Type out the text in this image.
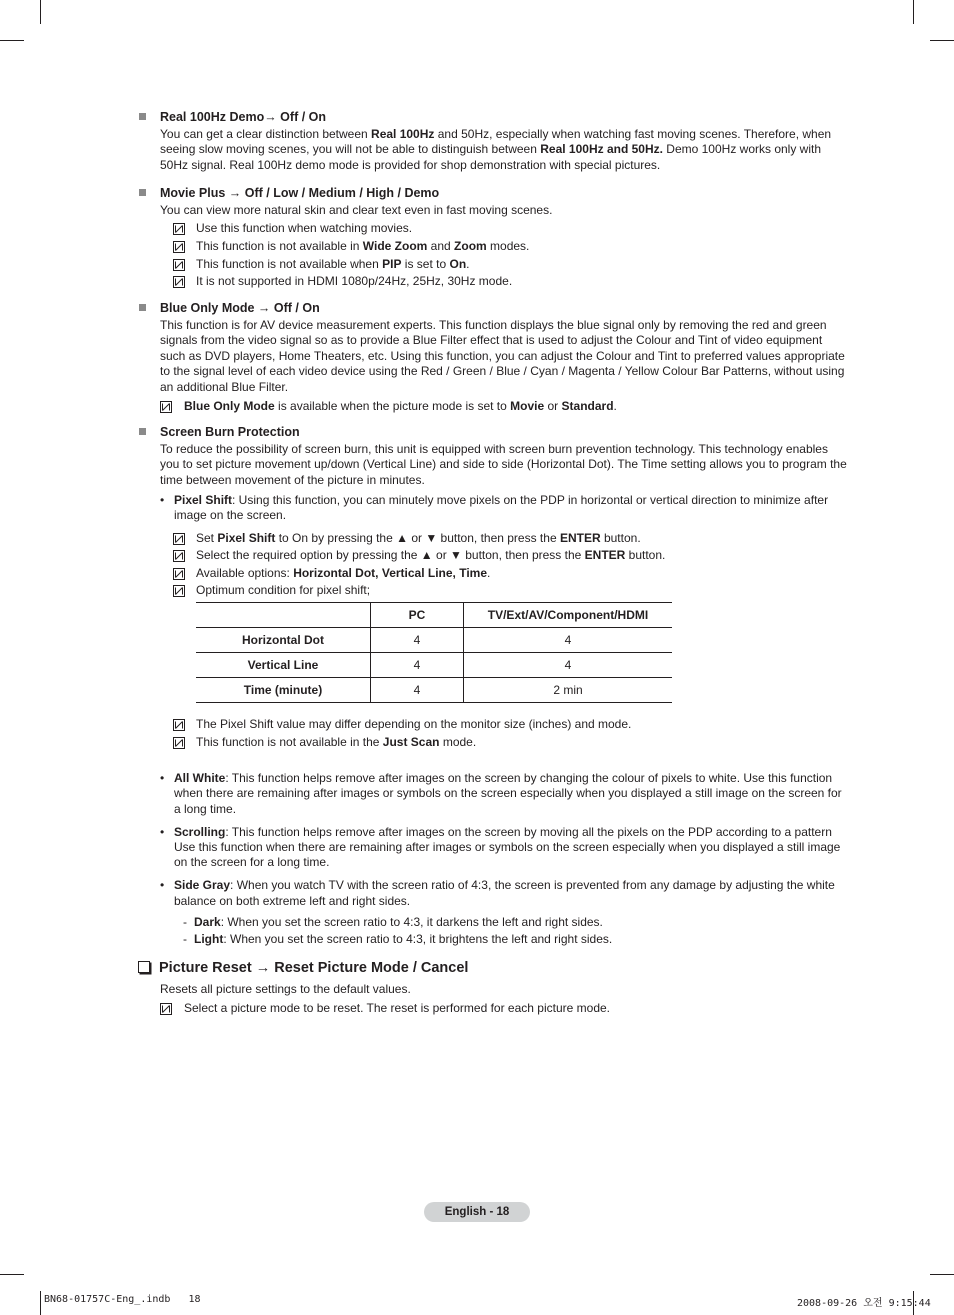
Real 100Hz Demo→ Off / On
You can get a clear distinction between Real 100Hz and 50Hz, especially when watching fast moving scenes. Therefore, when seeing slow moving scenes, you will not be able to distinguish between Real 100Hz and 50Hz. Demo 100Hz works only with 50Hz signal. Real 100Hz demo mode is provided for shop demonstration with special pictures.
Movie Plus → Off / Low / Medium / High / Demo
You can view more natural skin and clear text even in fast moving scenes.
Use this function when watching movies.
This function is not available in Wide Zoom and Zoom modes.
This function is not available when PIP is set to On.
It is not supported in HDMI 1080p/24Hz, 25Hz, 30Hz mode.
Blue Only Mode → Off / On
This function is for AV device measurement experts. This function displays the blue signal only by removing the red and green signals from the video signal so as to provide a Blue Filter effect that is used to adjust the Colour and Tint of video equipment such as DVD players, Home Theaters, etc. Using this function, you can adjust the Colour and Tint to preferred values appropriate to the signal level of each video device using the Red / Green / Blue / Cyan / Magenta / Yellow Colour Bar Patterns, without using an additional Blue Filter.
Blue Only Mode is available when the picture mode is set to Movie or Standard.
Screen Burn Protection
To reduce the possibility of screen burn, this unit is equipped with screen burn prevention technology. This technology enables you to set picture movement up/down (Vertical Line) and side to side (Horizontal Dot). The Time setting allows you to program the time between movement of the picture in minutes.
• Pixel Shift: Using this function, you can minutely move pixels on the PDP in horizontal or vertical direction to minimize after image on the screen.
Set Pixel Shift to On by pressing the ▲ or ▼ button, then press the ENTER button.
Select the required option by pressing the ▲ or ▼ button, then press the ENTER button.
Available options: Horizontal Dot, Vertical Line, Time.
Optimum condition for pixel shift;
	PC	TV/Ext/AV/Component/HDMI
Horizontal Dot	4	4
Vertical Line	4	4
Time (minute)	4	2 min
The Pixel Shift value may differ depending on the monitor size (inches) and mode.
This function is not available in the Just Scan mode.
• All White: This function helps remove after images on the screen by changing the colour of pixels to white. Use this function when there are remaining after images or symbols on the screen especially when you displayed a still image on the screen for a long time.
• Scrolling: This function helps remove after images on the screen by moving all the pixels on the PDP according to a pattern Use this function when there are remaining after images or symbols on the screen especially when you displayed a still image on the screen for a long time.
• Side Gray: When you watch TV with the screen ratio of 4:3, the screen is prevented from any damage by adjusting the white balance on both extreme left and right sides.
- Dark: When you set the screen ratio to 4:3, it darkens the left and right sides.
- Light: When you set the screen ratio to 4:3, it brightens the left and right sides.
Picture Reset → Reset Picture Mode / Cancel
Resets all picture settings to the default values.
Select a picture mode to be reset. The reset is performed for each picture mode.
English - 18
BN68-01757C-Eng_.indb 18	2008-09-26 오전 9:15:44
